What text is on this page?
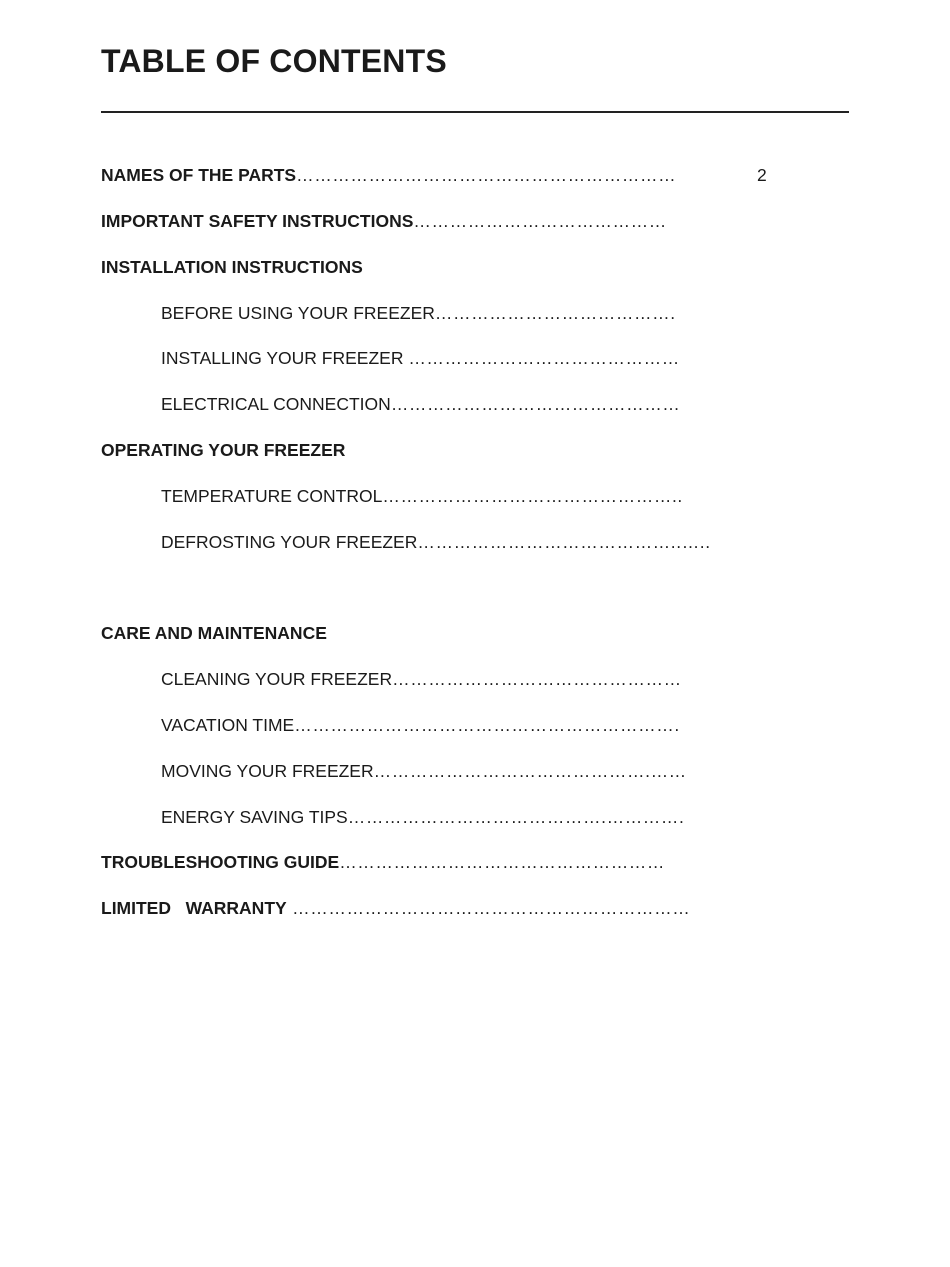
TABLE OF CONTENTS
NAMES OF THE PARTS………………………………………………………	2
IMPORTANT SAFETY INSTRUCTIONS……………………………………
INSTALLATION INSTRUCTIONS
BEFORE USING YOUR FREEZER………………………………….
INSTALLING YOUR FREEZER ………………………………………
ELECTRICAL CONNECTION…………………………………………
OPERATING YOUR FREEZER
TEMPERATURE CONTROL…………………………………………..
DEFROSTING YOUR FREEZER……………………………………..…..
CARE AND MAINTENANCE
CLEANING YOUR FREEZER…………………………………………
VACATION TIME……………………………………………………….
MOVING YOUR FREEZER……………………………………….……
ENERGY SAVING TIPS…………………………………….………….
TROUBLESHOOTING GUIDE………………………………………………
LIMITED   WARRANTY …………………………………………………………
